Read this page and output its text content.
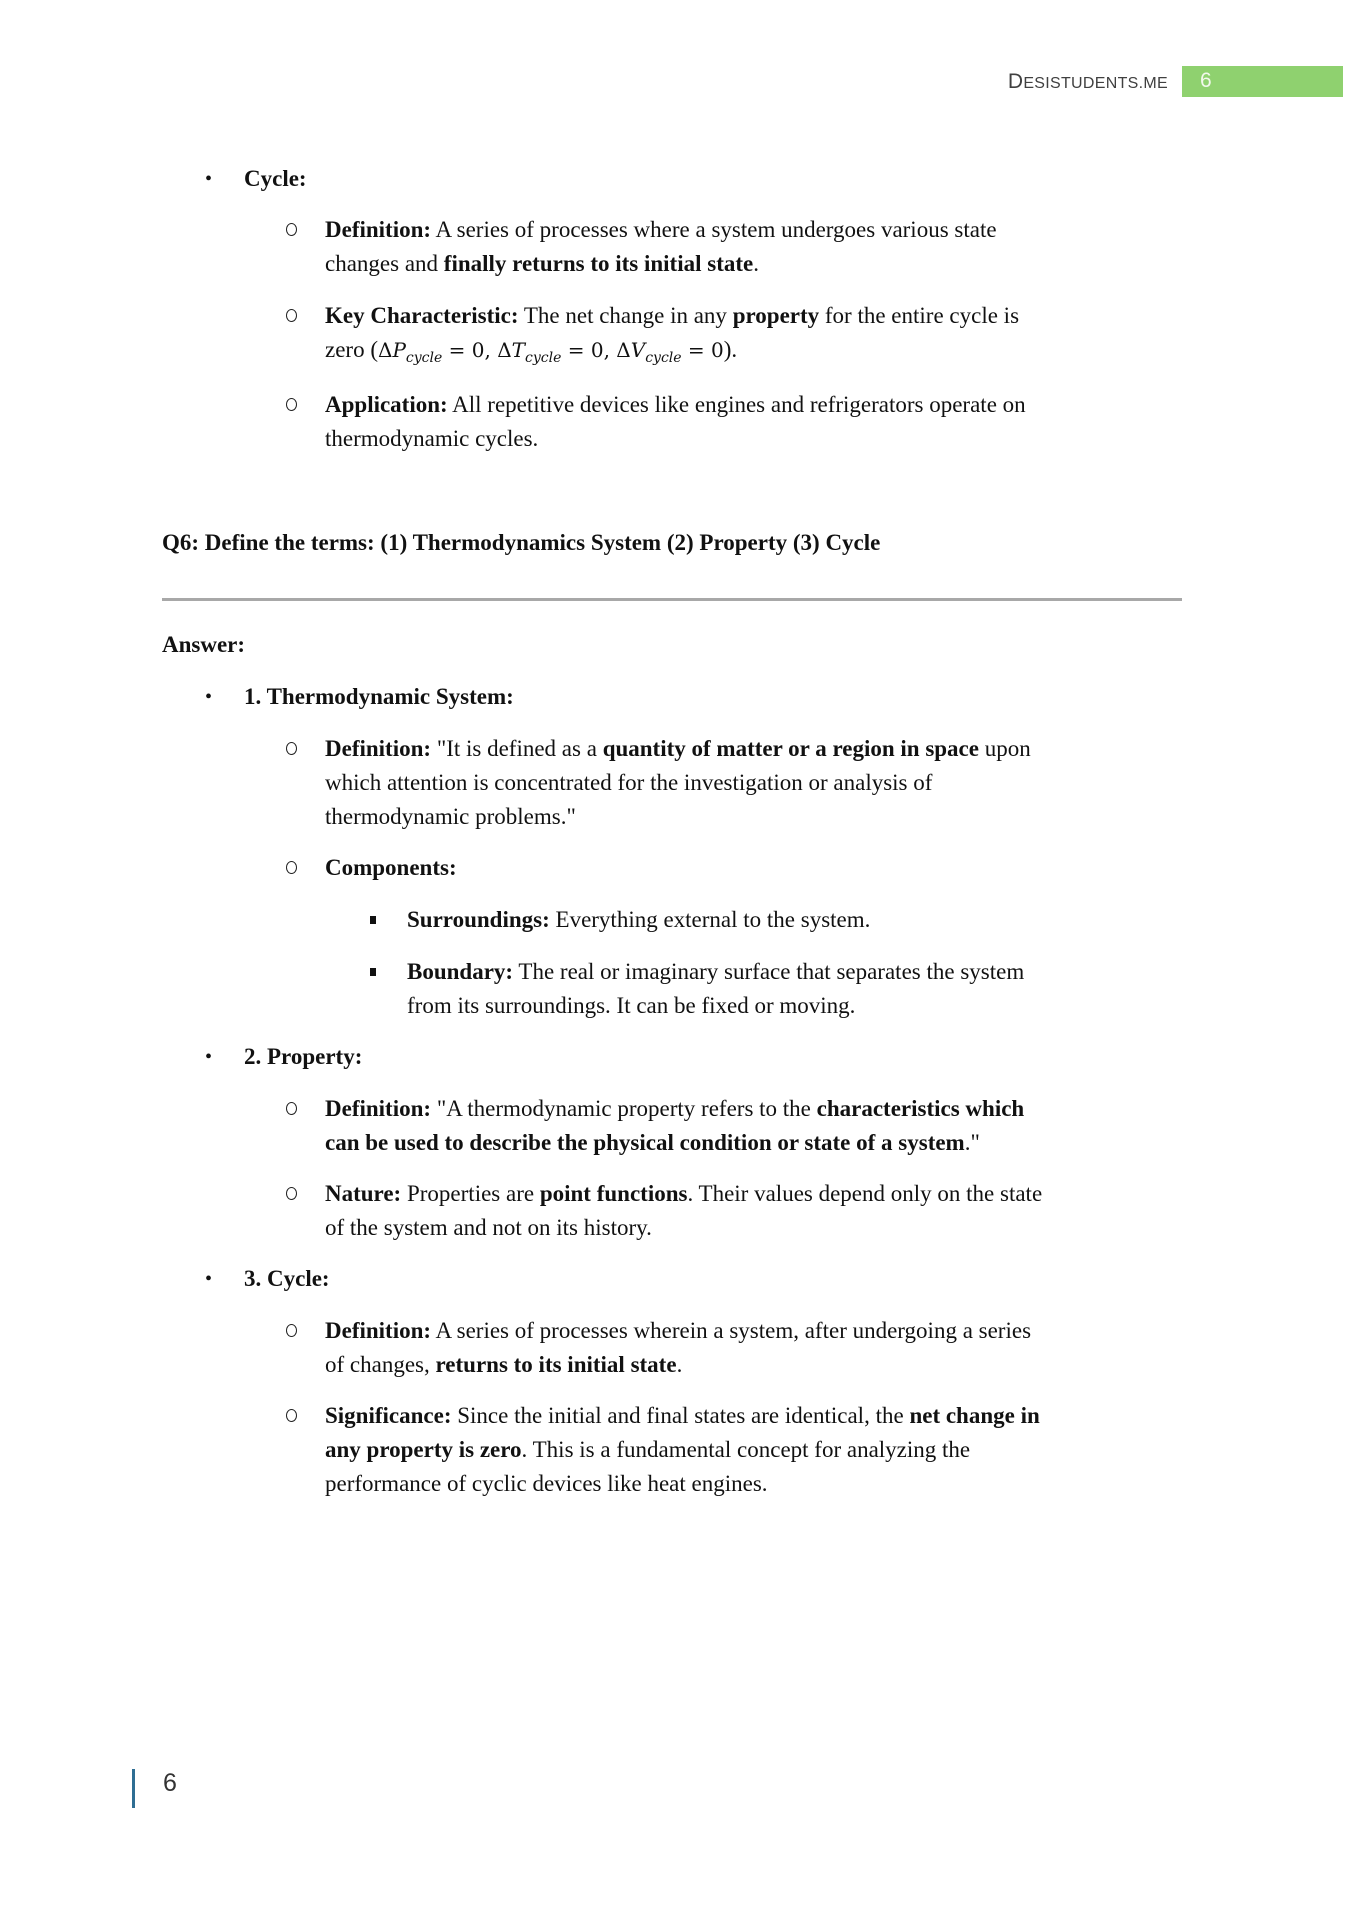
DESISTUDENTS.ME 6
• Cycle:
Definition: A series of processes where a system undergoes various state
changes and finally returns to its initial state.
Key Characteristic: The net change in any property for the entire cycle is
zero ($\Delta P_{cycle} = 0$, $\Delta T_{cycle} = 0$, $\Delta V_{cycle} = 0$).
Application: All repetitive devices like engines and refrigerators operate on
thermodynamic cycles.
Q6: Define the terms: (1) Thermodynamics System (2) Property (3) Cycle
Answer:
• 1. Thermodynamic System:
Definition: "It is defined as a quantity of matter or a region in space upon
which attention is concentrated for the investigation or analysis of
thermodynamic problems."
Components:
Surroundings: Everything external to the system.
Boundary: The real or imaginary surface that separates the system
from its surroundings. It can be fixed or moving.
• 2. Property:
Definition: "A thermodynamic property refers to the characteristics which
can be used to describe the physical condition or state of a system."
Nature: Properties are point functions. Their values depend only on the state
of the system and not on its history.
• 3. Cycle:
Definition: A series of processes wherein a system, after undergoing a series
of changes, returns to its initial state.
Significance: Since the initial and final states are identical, the net change in
any property is zero. This is a fundamental concept for analyzing the
performance of cyclic devices like heat engines.
6
